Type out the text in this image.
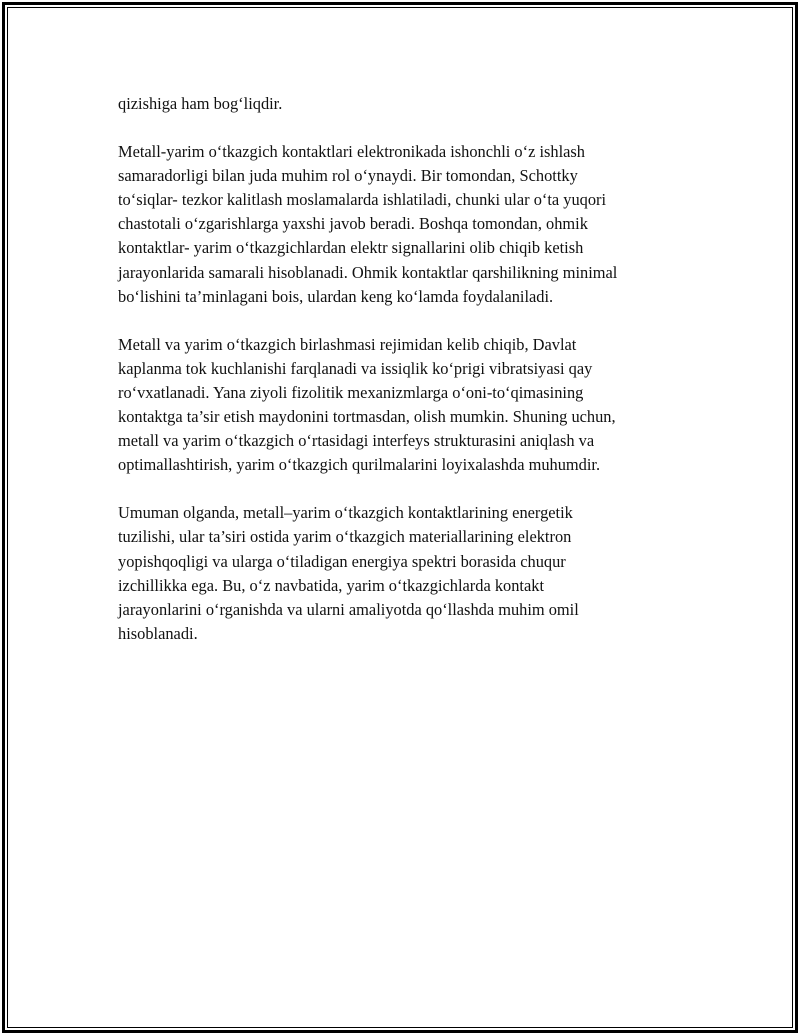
qizishiga ham bog‘liqdir.

Metall-yarim o‘tkazgich kontaktlari elektronikada ishonchli o‘z ishlash
samaradorligi bilan juda muhim rol o‘ynaydi. Bir tomondan, Schottky
to‘siqlar- tezkor kalitlash moslamalarda ishlatiladi, chunki ular o‘ta yuqori
chastotali o‘zgarishlarga yaxshi javob beradi. Boshqa tomondan, ohmik
kontaktlar- yarim o‘tkazgichlardan elektr signallarini olib chiqib ketish
jarayonlarida samarali hisoblanadi. Ohmik kontaktlar qarshilikning minimal
bo‘lishini ta’minlagani bois, ulardan keng ko‘lamda foydalaniladi.

Metall va yarim o‘tkazgich birlashmasi rejimidan kelib chiqib, Davlat
kaplanma tok kuchlanishi farqlanadi va issiqlik ko‘prigi vibratsiyasi qay
ro‘vxatlanadi. Yana ziyoli fizolitik mexanizmlarga o‘oni-to‘qimasining
kontaktga ta’sir etish maydonini tortmasdan, olish mumkin. Shuning uchun,
metall va yarim o‘tkazgich o‘rtasidagi interfeys strukturasini aniqlash va
optimallashtirish, yarim o‘tkazgich qurilmalarini loyixalashda muhumdir.

Umuman olganda, metall–yarim o‘tkazgich kontaktlarining energetik
tuzilishi, ular ta’siri ostida yarim o‘tkazgich materiallarining elektron
yopishqoqligi va ularga o‘tiladigan energiya spektri borasida chuqur
izchillikka ega. Bu, o‘z navbatida, yarim o‘tkazgichlarda kontakt
jarayonlarini o‘rganishda va ularni amaliyotda qo‘llashda muhim omil
hisoblanadi.
